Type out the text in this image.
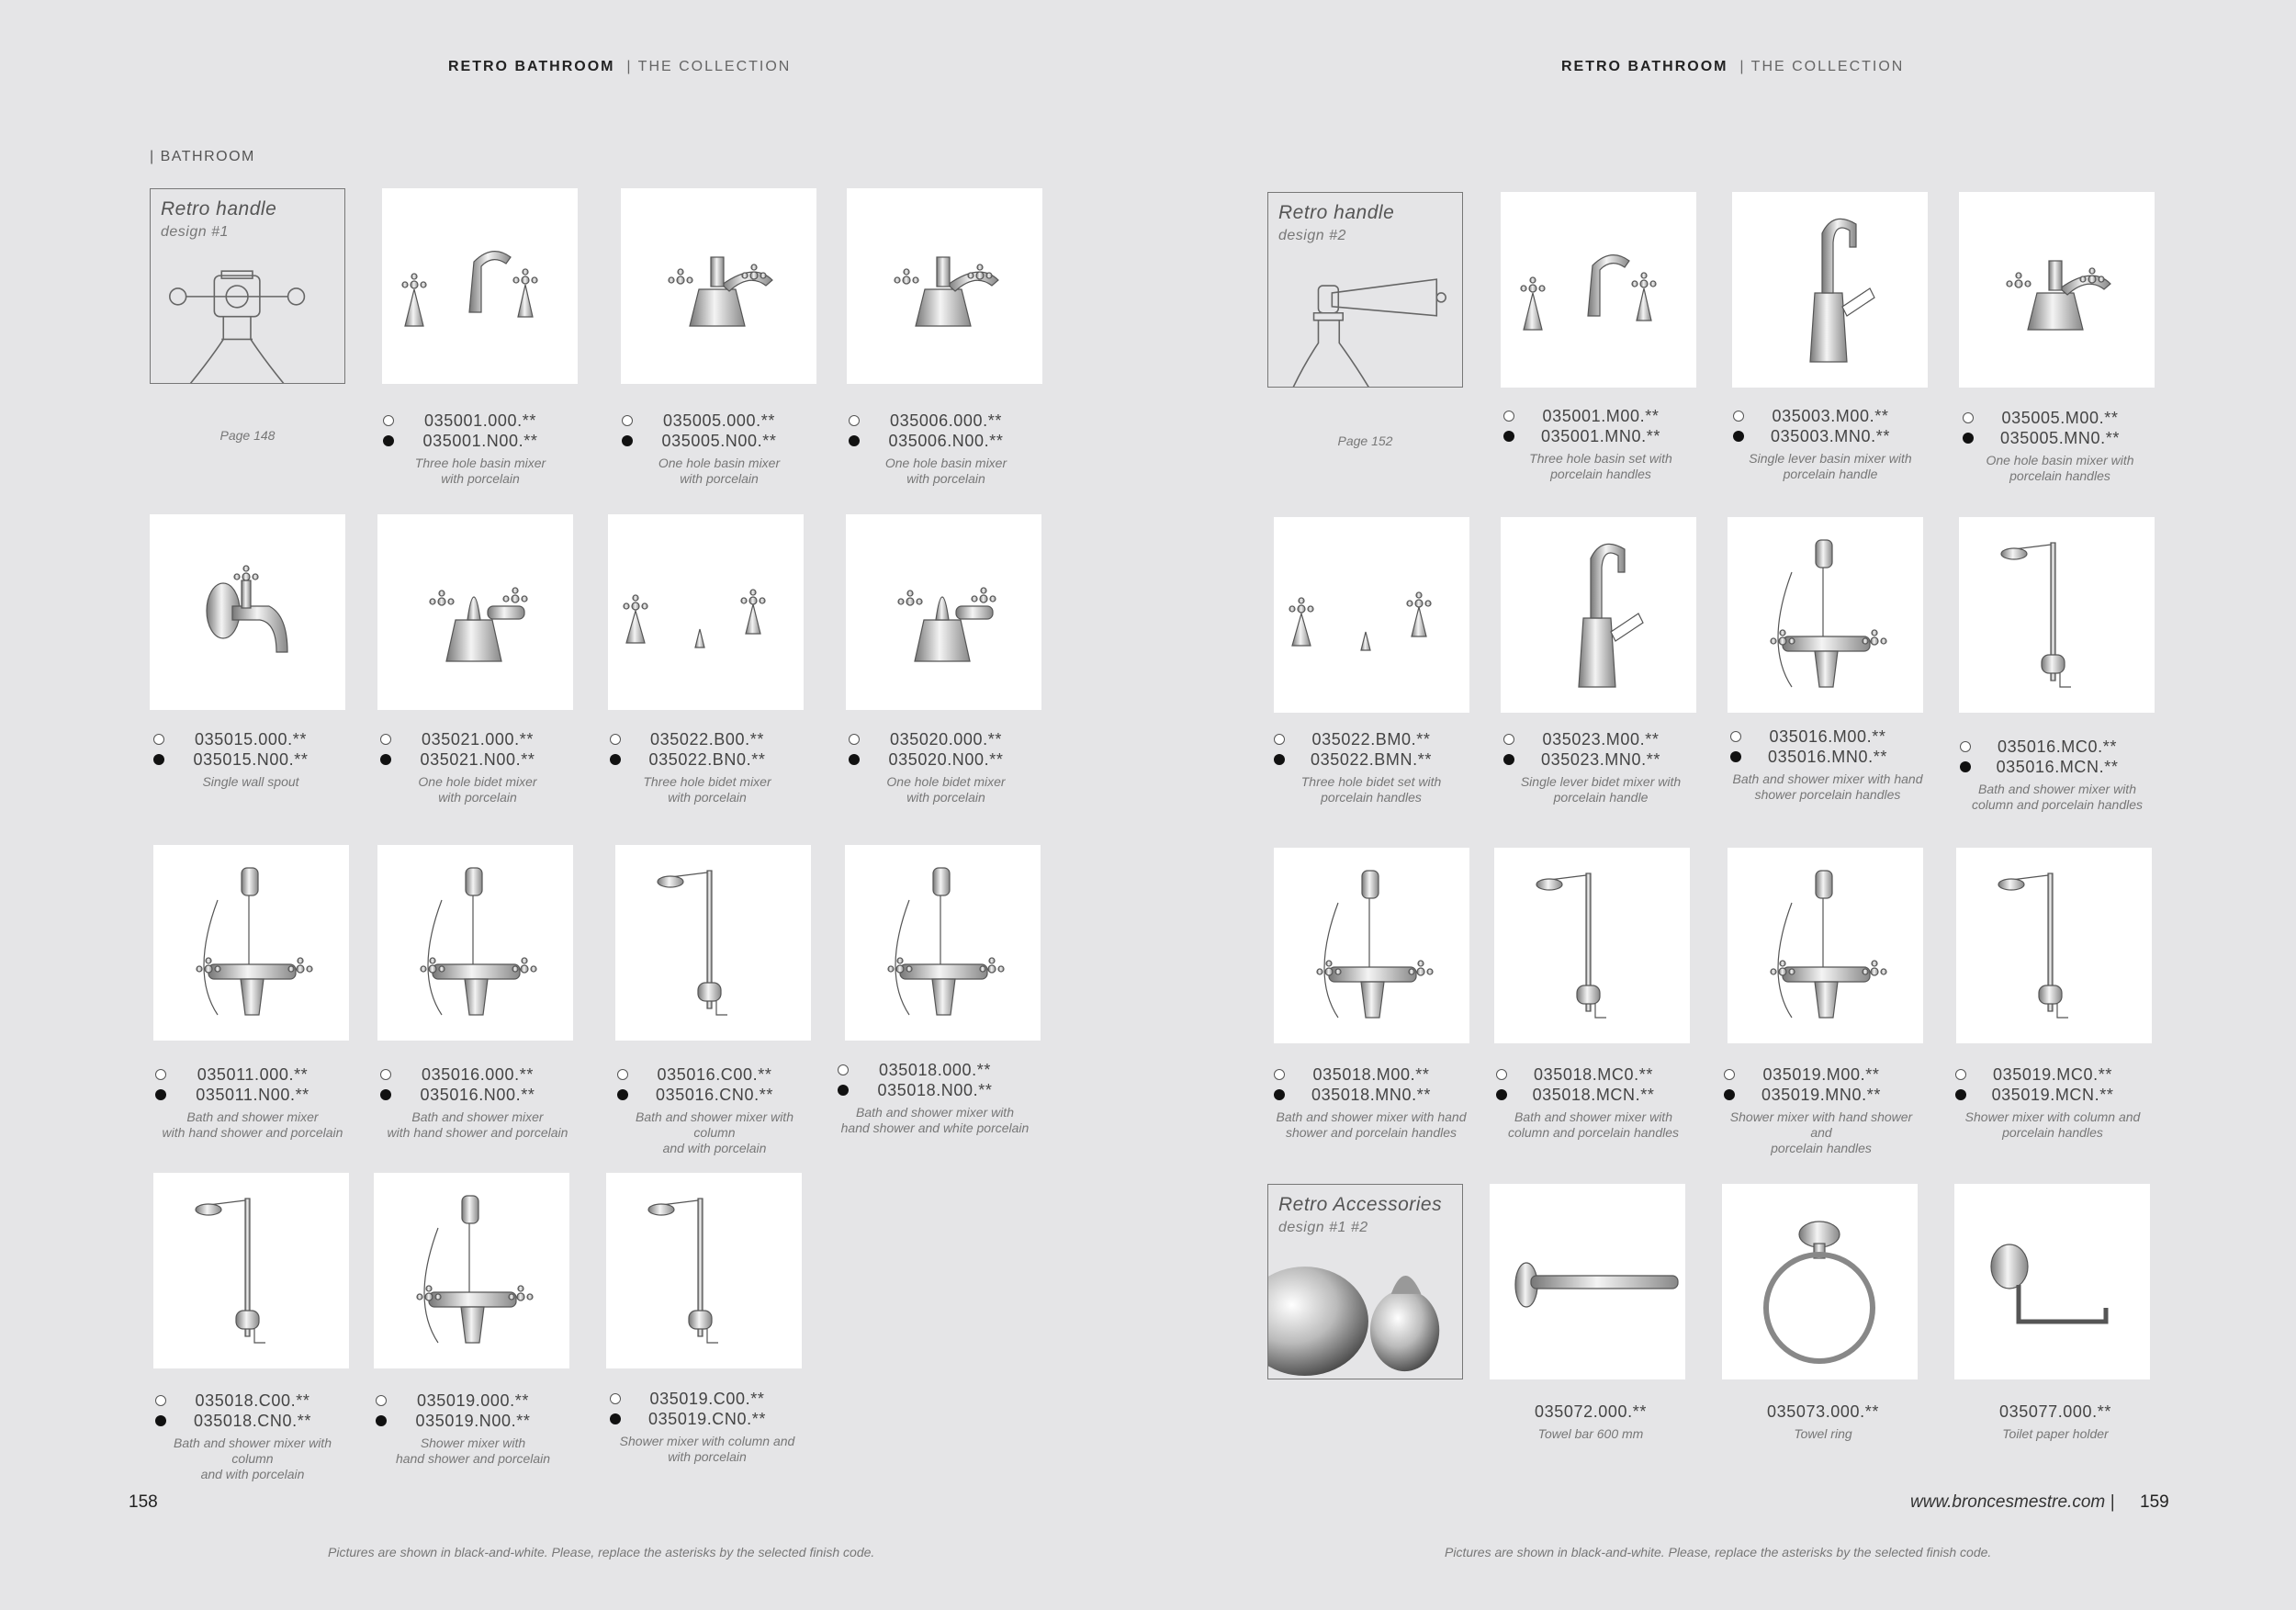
RETRO BATHROOM | THE COLLECTION	RETRO BATHROOM | THE COLLECTION
| BATHROOM
Retro handle
design #1
Page 148
Retro handle
design #2
Page 152
Retro Accessories
design #1 #2
035001.000.**
035001.N00.**
Three hole basin mixer
with porcelain
035005.000.**
035005.N00.**
One hole basin mixer
with porcelain
035006.000.**
035006.N00.**
One hole basin mixer
with porcelain
035015.000.**
035015.N00.**
Single wall spout
035021.000.**
035021.N00.**
One hole bidet mixer
with porcelain
035022.B00.**
035022.BN0.**
Three hole bidet mixer
with porcelain
035020.000.**
035020.N00.**
One hole bidet mixer
with porcelain
035011.000.**
035011.N00.**
Bath and shower mixer
with hand shower and porcelain
035016.000.**
035016.N00.**
Bath and shower mixer
with hand shower and porcelain
035016.C00.**
035016.CN0.**
Bath and shower mixer with column
and with porcelain
035018.000.**
035018.N00.**
Bath and shower mixer with
hand shower and white porcelain
035018.C00.**
035018.CN0.**
Bath and shower mixer with column
and with porcelain
035019.000.**
035019.N00.**
Shower mixer with
hand shower and porcelain
035019.C00.**
035019.CN0.**
Shower mixer with column and
with porcelain
035001.M00.**
035001.MN0.**
Three hole basin set with
porcelain handles
035003.M00.**
035003.MN0.**
Single lever basin mixer with
porcelain handle
035005.M00.**
035005.MN0.**
One hole basin mixer with
porcelain handles
035022.BM0.**
035022.BMN.**
Three hole bidet set with
porcelain handles
035023.M00.**
035023.MN0.**
Single lever bidet mixer with
porcelain handle
035016.M00.**
035016.MN0.**
Bath and shower mixer with hand
shower porcelain handles
035016.MC0.**
035016.MCN.**
Bath and shower mixer with
column and porcelain handles
035018.M00.**
035018.MN0.**
Bath and shower mixer with hand
shower and porcelain handles
035018.MC0.**
035018.MCN.**
Bath and shower mixer with
column and porcelain handles
035019.M00.**
035019.MN0.**
Shower mixer with hand shower and
porcelain handles
035019.MC0.**
035019.MCN.**
Shower mixer with column and
porcelain handles
035072.000.**
Towel bar 600 mm
035073.000.**
Towel ring
035077.000.**
Toilet paper holder
158	www.broncesmestre.com | 159
Pictures are shown in black-and-white. Please, replace the asterisks by the selected finish code.	Pictures are shown in black-and-white. Please, replace the asterisks by the selected finish code.
